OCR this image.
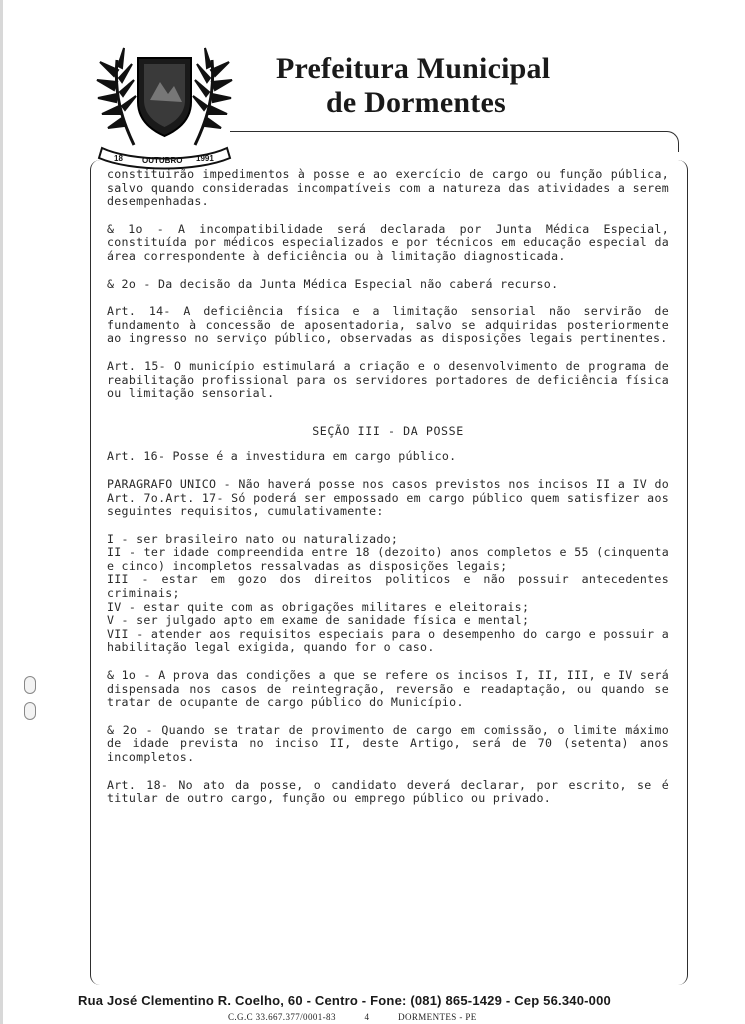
18 OUTUBRO 1991
Prefeitura Municipal
de Dormentes

constituirão impedimentos à posse e ao exercício de cargo ou função pública, salvo quando consideradas incompatíveis com a natureza das atividades a serem desempenhadas.

& 1o - A incompatibilidade será declarada por Junta Médica Especial, constituída por médicos especializados e por técnicos em educação especial da área correspondente à deficiência ou à limitação diagnosticada.

& 2o - Da decisão da Junta Médica Especial não caberá recurso.

Art. 14- A deficiência física e a limitação sensorial não servirão de fundamento à concessão de aposentadoria, salvo se adquiridas posteriormente ao ingresso no serviço público, observadas as disposições legais pertinentes.

Art. 15- O município estimulará a criação e o desenvolvimento de programa de reabilitação profissional para os servidores portadores de deficiência física ou limitação sensorial.

SEÇÃO III - DA POSSE

Art. 16- Posse é a investidura em cargo público.

PARAGRAFO UNICO - Não haverá posse nos casos previstos nos incisos II a IV do Art. 7o.Art. 17- Só poderá ser empossado em cargo público quem satisfizer aos seguintes requisitos, cumulativamente:

I - ser brasileiro nato ou naturalizado;
II - ter idade compreendida entre 18 (dezoito) anos completos e 55 (cinquenta e cinco) incompletos ressalvadas as disposições legais;
III - estar em gozo dos direitos politicos e não possuir antecedentes criminais;
IV - estar quite com as obrigações militares e eleitorais;
V - ser julgado apto em exame de sanidade física e mental;
VII - atender aos requisitos especiais para o desempenho do cargo e possuir a habilitação legal exigida, quando for o caso.

& 1o - A prova das condições a que se refere os incisos I, II, III, e IV será dispensada nos casos de reintegração, reversão e readaptação, ou quando se tratar de ocupante de cargo público do Município.

& 2o - Quando se tratar de provimento de cargo em comissão, o limite máximo de idade prevista no inciso II, deste Artigo, será de 70 (setenta) anos incompletos.

Art. 18- No ato da posse, o candidato deverá declarar, por escrito, se é titular de outro cargo, função ou emprego público ou privado.

Rua José Clementino R. Coelho, 60 - Centro - Fone: (081) 865-1429 - Cep 56.340-000
C.G.C 33.667.377/0001-83	4	DORMENTES - PE
